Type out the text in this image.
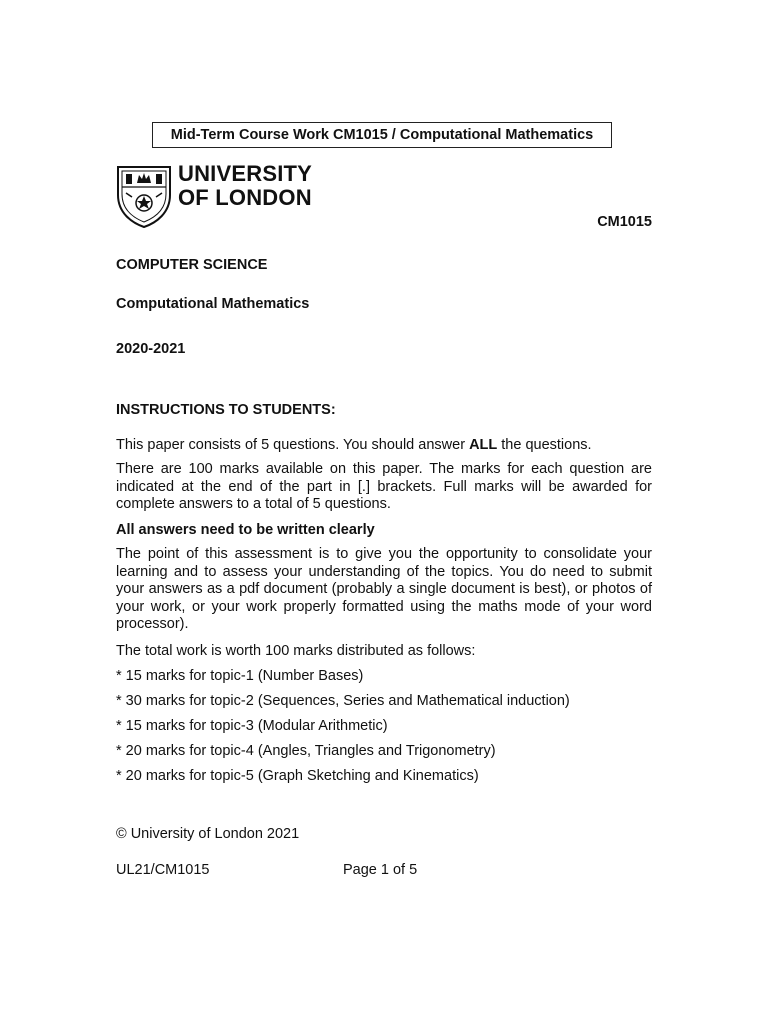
Mid-Term Course Work CM1015 / Computational Mathematics
UNIVERSITY
OF LONDON
CM1015
COMPUTER SCIENCE
Computational Mathematics
2020-2021
INSTRUCTIONS TO STUDENTS:
This paper consists of 5 questions. You should answer ALL the questions.
There are 100 marks available on this paper. The marks for each question are indicated at the end of the part in [.] brackets. Full marks will be awarded for complete answers to a total of 5 questions.
All answers need to be written clearly
The point of this assessment is to give you the opportunity to consolidate your learning and to assess your understanding of the topics. You do need to submit your answers as a pdf document (probably a single document is best), or photos of your work, or your work properly formatted using the maths mode of your word processor).
The total work is worth 100 marks distributed as follows:
* 15 marks for topic-1 (Number Bases)
* 30 marks for topic-2 (Sequences, Series and Mathematical induction)
* 15 marks for topic-3 (Modular Arithmetic)
* 20 marks for topic-4 (Angles, Triangles and Trigonometry)
* 20 marks for topic-5 (Graph Sketching and Kinematics)
© University of London 2021
UL21/CM1015	Page 1 of 5
